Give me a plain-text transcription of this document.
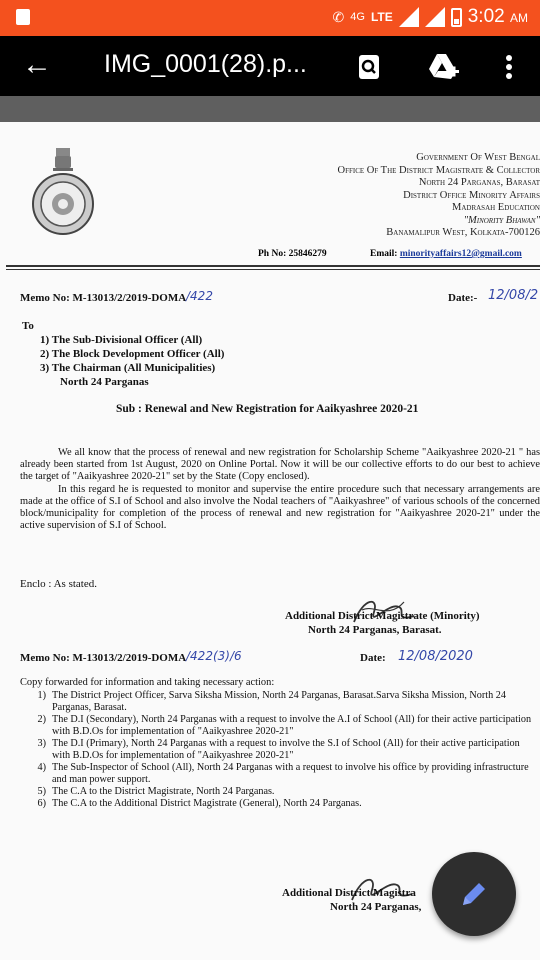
✆ 4G LTE	3:02 AM
← IMG_0001(28).p...
Government Of West Bengal
Office Of The District Magistrate & Collector
North 24 Parganas, Barasat
District Office Minority Affairs
Madrasah Education
"Minority Bhawan"
Banamalipur West, Kolkata-700126
Ph No: 25846279	Email: minorityaffairs12@gmail.com
Memo No: M-13013/2/2019-DOMA /422	Date:- 12/08/2
To
1) The Sub-Divisional Officer (All)
2) The Block Development Officer (All)
3) The Chairman (All Municipalities)
North 24 Parganas
Sub : Renewal and New Registration for Aaikyashree 2020-21

We all know that the process of renewal and new registration for Scholarship Scheme "Aaikyashree 2020-21 " has already been started from 1st August, 2020 on Online Portal. Now it will be our collective efforts to do our best to achieve the target of "Aaikyashree 2020-21" set by the State (Copy enclosed).

In this regard he is requested to monitor and supervise the entire procedure such that necessary arrangements are made at the office of S.I of School and also involve the Nodal teachers of "Aaikyashree" of various schools of the concerned block/municipality for completion of the process of renewal and new registration for "Aaikyashree 2020-21" under the active supervision of S.I of School.

Enclo : As stated.
Additional District Magistrate (Minority)
North 24 Parganas, Barasat.
Memo No: M-13013/2/2019-DOMA /422(3)/6	Date: 12/08/2020
Copy forwarded for information and taking necessary action:
1) The District Project Officer, Sarva Siksha Mission, North 24 Parganas, Barasat.Sarva Siksha Mission, North 24 Parganas, Barasat.
2) The D.I (Secondary), North 24 Parganas with a request to involve the A.I of School (All) for their active participation with B.D.Os for implementation of "Aaikyashree 2020-21"
3) The D.I (Primary), North 24 Parganas with a request to involve the S.I of School (All) for their active participation with B.D.Os for implementation of "Aaikyashree 2020-21"
4) The Sub-Inspector of School (All), North 24 Parganas with a request to involve his office by providing infrastructure and man power support.
5) The C.A to the District Magistrate, North 24 Parganas.
6) The C.A to the Additional District Magistrate (General), North 24 Parganas.
Additional District Magistra
North 24 Parganas,
